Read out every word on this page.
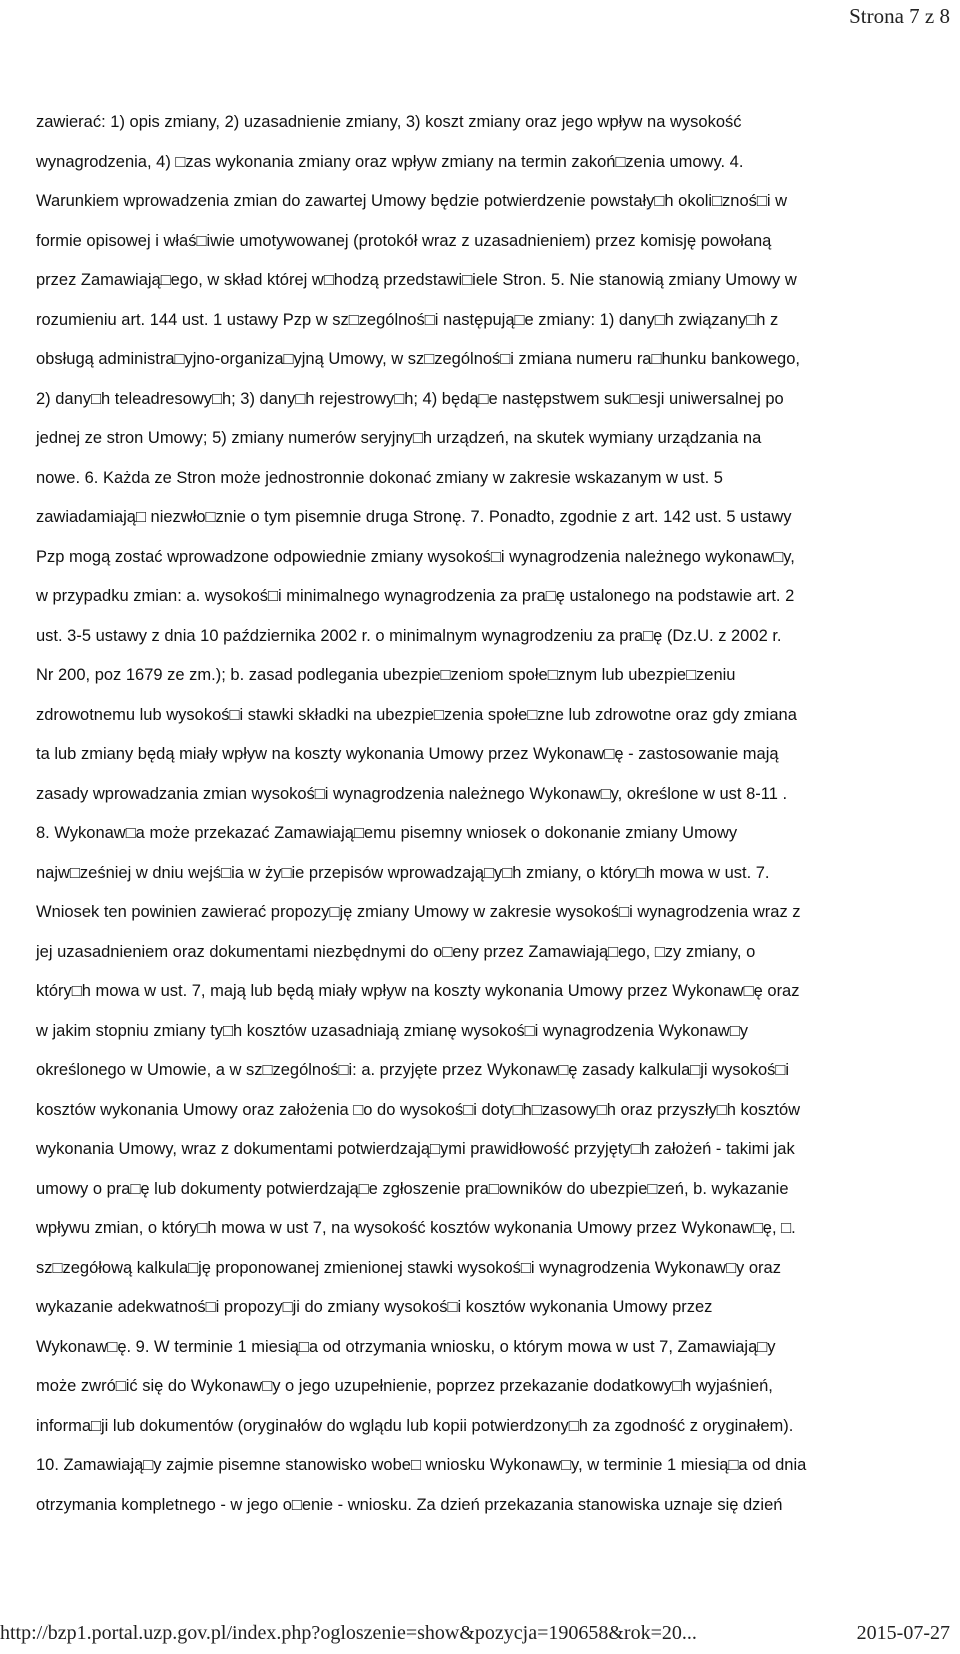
Strona 7 z 8
zawierać: 1) opis zmiany, 2) uzasadnienie zmiany, 3) koszt zmiany oraz jego wpływ na wysokość
wynagrodzenia, 4) □zas wykonania zmiany oraz wpływ zmiany na termin zakoń□zenia umowy. 4.
Warunkiem wprowadzenia zmian do zawartej Umowy będzie potwierdzenie powstały□h okoli□znoś□i w
formie opisowej i właś□iwie umotywowanej (protokół wraz z uzasadnieniem) przez komisję powołaną
przez Zamawiają□ego, w skład której w□hodzą przedstawi□iele Stron. 5. Nie stanowią zmiany Umowy w
rozumieniu art. 144 ust. 1 ustawy Pzp w sz□zególnoś□i następują□e zmiany: 1) dany□h związany□h z
obsługą administra□yjno-organiza□yjną Umowy, w sz□zególnoś□i zmiana numeru ra□hunku bankowego,
2) dany□h teleadresowy□h; 3) dany□h rejestrowy□h; 4) będą□e następstwem suk□esji uniwersalnej po
jednej ze stron Umowy; 5) zmiany numerów seryjny□h urządzeń, na skutek wymiany urządzania na
nowe. 6. Każda ze Stron może jednostronnie dokonać zmiany w zakresie wskazanym w ust. 5
zawiadamiają□ niezwło□znie o tym pisemnie druga Stronę. 7. Ponadto, zgodnie z art. 142 ust. 5 ustawy
Pzp mogą zostać wprowadzone odpowiednie zmiany wysokoś□i wynagrodzenia należnego wykonaw□y,
w przypadku zmian: a. wysokoś□i minimalnego wynagrodzenia za pra□ę ustalonego na podstawie art. 2
ust. 3-5 ustawy z dnia 10 października 2002 r. o minimalnym wynagrodzeniu za pra□ę (Dz.U. z 2002 r.
Nr 200, poz 1679 ze zm.); b. zasad podlegania ubezpie□zeniom społe□znym lub ubezpie□zeniu
zdrowotnemu lub wysokoś□i stawki składki na ubezpie□zenia społe□zne lub zdrowotne oraz gdy zmiana
ta lub zmiany będą miały wpływ na koszty wykonania Umowy przez Wykonaw□ę - zastosowanie mają
zasady wprowadzania zmian wysokoś□i wynagrodzenia należnego Wykonaw□y, określone w ust 8-11 .
8. Wykonaw□a może przekazać Zamawiają□emu pisemny wniosek o dokonanie zmiany Umowy
najw□ześniej w dniu wejś□ia w ży□ie przepisów wprowadzają□y□h zmiany, o który□h mowa w ust. 7.
Wniosek ten powinien zawierać propozy□ję zmiany Umowy w zakresie wysokoś□i wynagrodzenia wraz z
jej uzasadnieniem oraz dokumentami niezbędnymi do o□eny przez Zamawiają□ego, □zy zmiany, o
który□h mowa w ust. 7, mają lub będą miały wpływ na koszty wykonania Umowy przez Wykonaw□ę oraz
w jakim stopniu zmiany ty□h kosztów uzasadniają zmianę wysokoś□i wynagrodzenia Wykonaw□y
określonego w Umowie, a w sz□zególnoś□i: a. przyjęte przez Wykonaw□ę zasady kalkula□ji wysokoś□i
kosztów wykonania Umowy oraz założenia □o do wysokoś□i doty□h□zasowy□h oraz przyszły□h kosztów
wykonania Umowy, wraz z dokumentami potwierdzają□ymi prawidłowość przyjęty□h założeń - takimi jak
umowy o pra□ę lub dokumenty potwierdzają□e zgłoszenie pra□owników do ubezpie□zeń, b. wykazanie
wpływu zmian, o który□h mowa w ust 7, na wysokość kosztów wykonania Umowy przez Wykonaw□ę, □.
sz□zegółową kalkula□ję proponowanej zmienionej stawki wysokoś□i wynagrodzenia Wykonaw□y oraz
wykazanie adekwatnoś□i propozy□ji do zmiany wysokoś□i kosztów wykonania Umowy przez
Wykonaw□ę. 9. W terminie 1 miesią□a od otrzymania wniosku, o którym mowa w ust 7, Zamawiają□y
może zwró□ić się do Wykonaw□y o jego uzupełnienie, poprzez przekazanie dodatkowy□h wyjaśnień,
informa□ji lub dokumentów (oryginałów do wglądu lub kopii potwierdzony□h za zgodność z oryginałem).
10. Zamawiają□y zajmie pisemne stanowisko wobe□ wniosku Wykonaw□y, w terminie 1 miesią□a od dnia
otrzymania kompletnego - w jego o□enie - wniosku. Za dzień przekazania stanowiska uznaje się dzień
http://bzp1.portal.uzp.gov.pl/index.php?ogloszenie=show&pozycja=190658&rok=20...	2015-07-27
